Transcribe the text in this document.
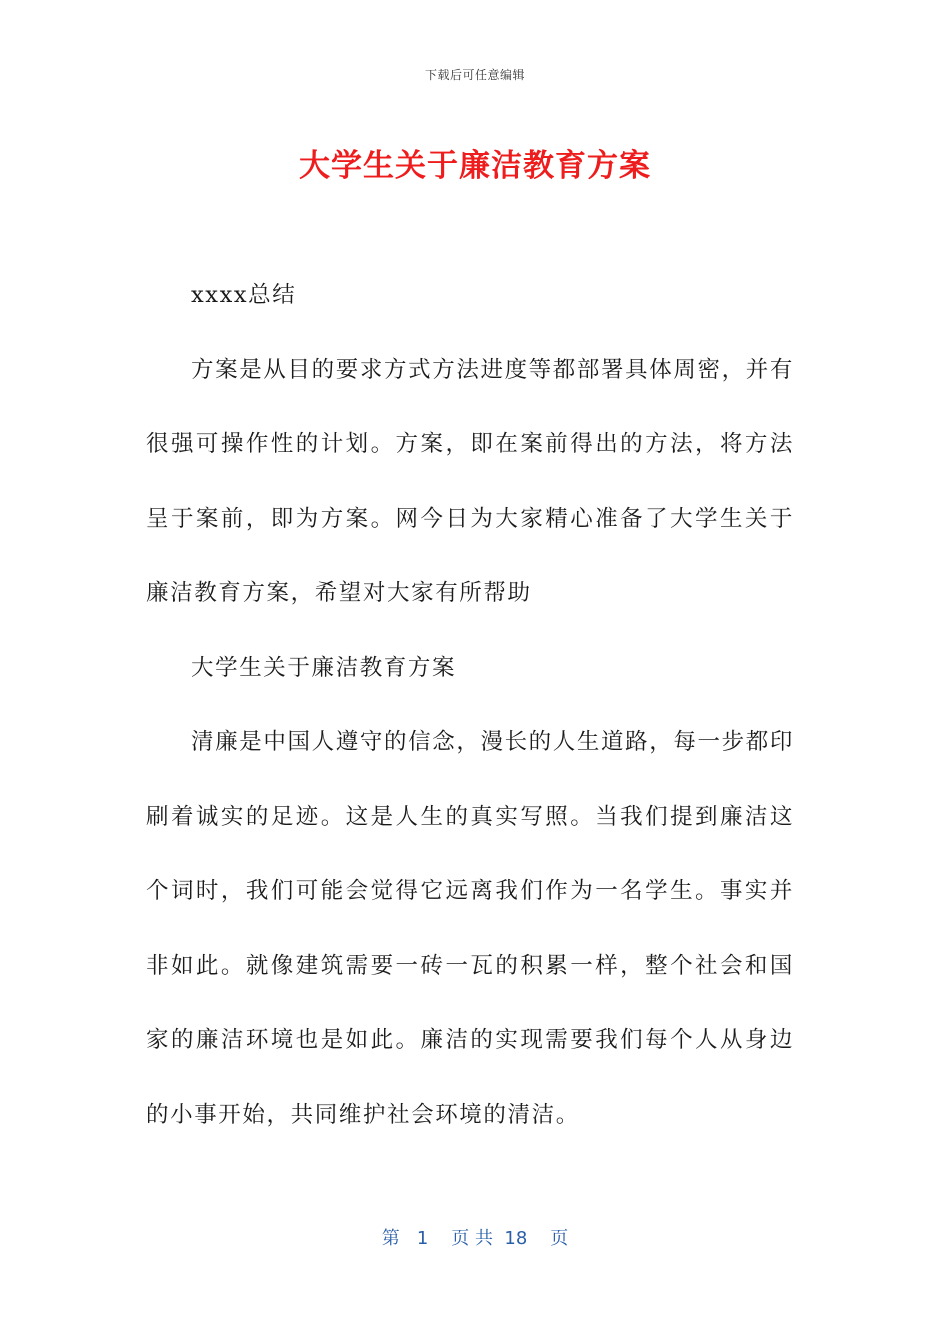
下载后可任意编辑
大学生关于廉洁教育方案

xxxx总结

方案是从目的要求方式方法进度等都部署具体周密，并有很强可操作性的计划。方案，即在案前得出的方法，将方法呈于案前，即为方案。网今日为大家精心准备了大学生关于廉洁教育方案，希望对大家有所帮助

大学生关于廉洁教育方案

清廉是中国人遵守的信念，漫长的人生道路，每一步都印刷着诚实的足迹。这是人生的真实写照。当我们提到廉洁这个词时，我们可能会觉得它远离我们作为一名学生。事实并非如此。就像建筑需要一砖一瓦的积累一样，整个社会和国家的廉洁环境也是如此。廉洁的实现需要我们每个人从身边的小事开始，共同维护社会环境的清洁。

第   1    页 共  18    页
